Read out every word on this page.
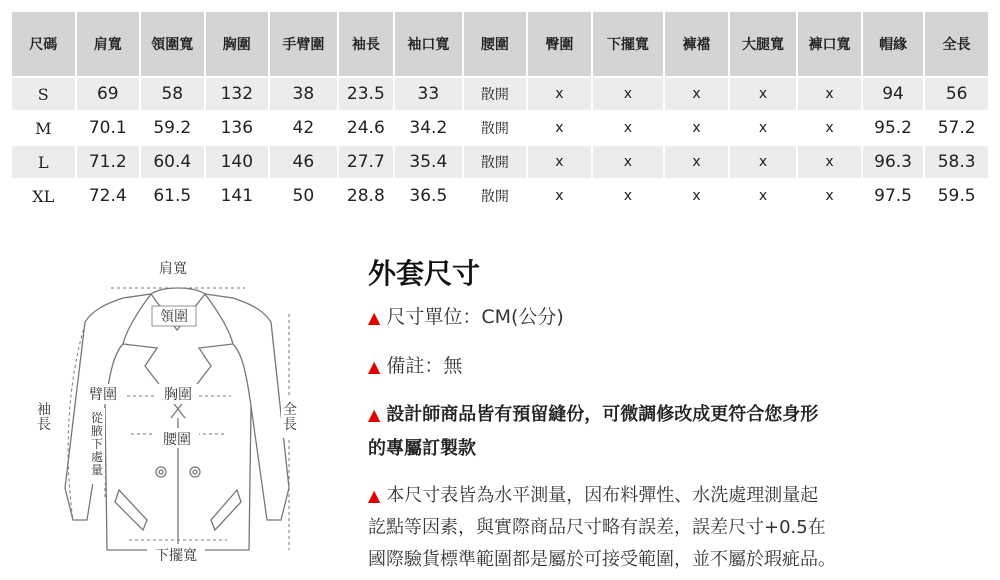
尺碼	肩寬	領圍寬	胸圍	手臂圍	袖長	袖口寬	腰圍	臀圍	下擺寬	褲襠	大腿寬	褲口寬	帽緣	全長
S	69	58	132	38	23.5	33	散開	x	x	x	x	x	94	56
M	70.1	59.2	136	42	24.6	34.2	散開	x	x	x	x	x	95.2	57.2
L	71.2	60.4	140	46	27.7	35.4	散開	x	x	x	x	x	96.3	58.3
XL	72.4	61.5	141	50	28.8	36.5	散開	x	x	x	x	x	97.5	59.5
肩寬
領圍
臂圍	胸圍
腰圍
下擺寬
袖長
全長
從腋下處量
外套尺寸
▲ 尺寸單位：CM(公分)
▲ 備註：無
▲ 設計師商品皆有預留縫份，可微調修改成更符合您身形
的專屬訂製款
▲ 本尺寸表皆為水平測量，因布料彈性、水洗處理測量起
訖點等因素，與實際商品尺寸略有誤差，誤差尺寸+0.5在
國際驗貨標準範圍都是屬於可接受範圍，並不屬於瑕疵品。
